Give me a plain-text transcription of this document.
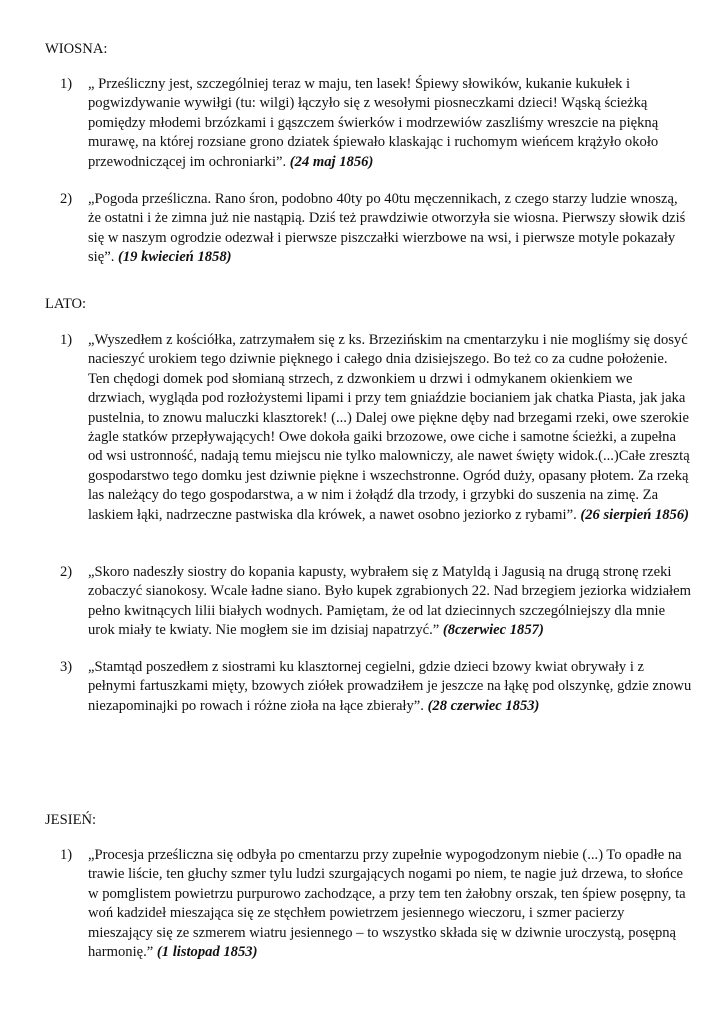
WIOSNA:
1) „ Prześliczny jest, szczególniej teraz w maju, ten lasek! Śpiewy słowików, kukanie kukułek i pogwizdywanie wywiłgi (tu: wilgi) łączyło się z wesołymi piosneczkami dzieci! Wąską ścieżką pomiędzy młodemi brzózkami i gąszczem świerków i modrzewiów zaszliśmy wreszcie na piękną murawę, na której rozsiane grono dziatek śpiewało klaskając i ruchomym wieńcem krążyło około przewodniczącej im ochroniarki”. (24 maj 1856)
2) „Pogoda prześliczna. Rano śron, podobno 40ty po 40tu męczennikach, z czego starzy ludzie wnoszą, że ostatni i że zimna już nie nastąpią. Dziś też prawdziwie otworzyła sie wiosna. Pierwszy słowik dziś się w naszym ogrodzie odezwał i pierwsze piszczałki wierzbowe na wsi, i pierwsze motyle pokazały się”. (19 kwiecień 1858)
LATO:
1) „Wyszedłem z kościółka, zatrzymałem się z ks. Brzezińskim na cmentarzyku i nie mogliśmy się dosyć nacieszyć urokiem tego dziwnie pięknego i całego dnia dzisiejszego. Bo też co za cudne położenie. Ten chędogi domek pod słomianą strzech, z dzwonkiem u drzwi i odmykanem okienkiem we drzwiach, wygląda pod rozłożystemi lipami i przy tem gniaździe bocianiem jak chatka Piasta, jak jaka pustelnia, to znowu maluczki klasztorek! (...) Dalej owe piękne dęby nad brzegami rzeki, owe szerokie żagle statków przepływających! Owe dokoła gaiki brzozowe, owe ciche i samotne ścieżki, a zupełna od wsi ustronność, nadają temu miejscu nie tylko malowniczy, ale nawet święty widok.(...)Całe zresztą gospodarstwo tego domku jest dziwnie piękne i wszechstronne. Ogród duży, opasany płotem. Za rzeką las należący do tego gospodarstwa, a w nim i żołądź dla trzody, i grzybki do suszenia na zimę. Za laskiem łąki, nadrzeczne pastwiska dla krówek, a nawet osobno jeziorko z rybami”. (26 sierpień 1856)
2) „Skoro nadeszły siostry do kopania kapusty, wybrałem się z Matyldą i Jagusią na drugą stronę rzeki zobaczyć sianokosy. Wcale ładne siano. Było kupek zgrabionych 22. Nad brzegiem jeziorka widziałem pełno kwitnących lilii białych wodnych. Pamiętam, że od lat dziecinnych szczególniejszy dla mnie urok miały te kwiaty. Nie mogłem sie im dzisiaj napatrzyć.” (8czerwiec 1857)
3) „Stamtąd poszedłem z siostrami ku klasztornej cegielni, gdzie dzieci bzowy kwiat obrywały i z pełnymi fartuszkami mięty, bzowych ziółek prowadziłem je jeszcze na łąkę pod olszynkę, gdzie znowu niezapominajki po rowach i różne zioła na łące zbierały”. (28 czerwiec 1853)
JESIEŃ:
1) „Procesja prześliczna się odbyła po cmentarzu przy zupełnie wypogodzonym niebie (...) To opadłe na trawie liście, ten głuchy szmer tylu ludzi szurgających nogami po niem, te nagie już drzewa, to słońce w pomglistem powietrzu purpurowo zachodzące, a przy tem ten żałobny orszak, ten śpiew posępny, ta woń kadzideł mieszająca się ze stęchłem powietrzem jesiennego wieczoru, i szmer pacierzy mieszający się ze szmerem wiatru jesiennego – to wszystko składa się w dziwnie uroczystą, posępną harmonię.” (1 listopad 1853)
